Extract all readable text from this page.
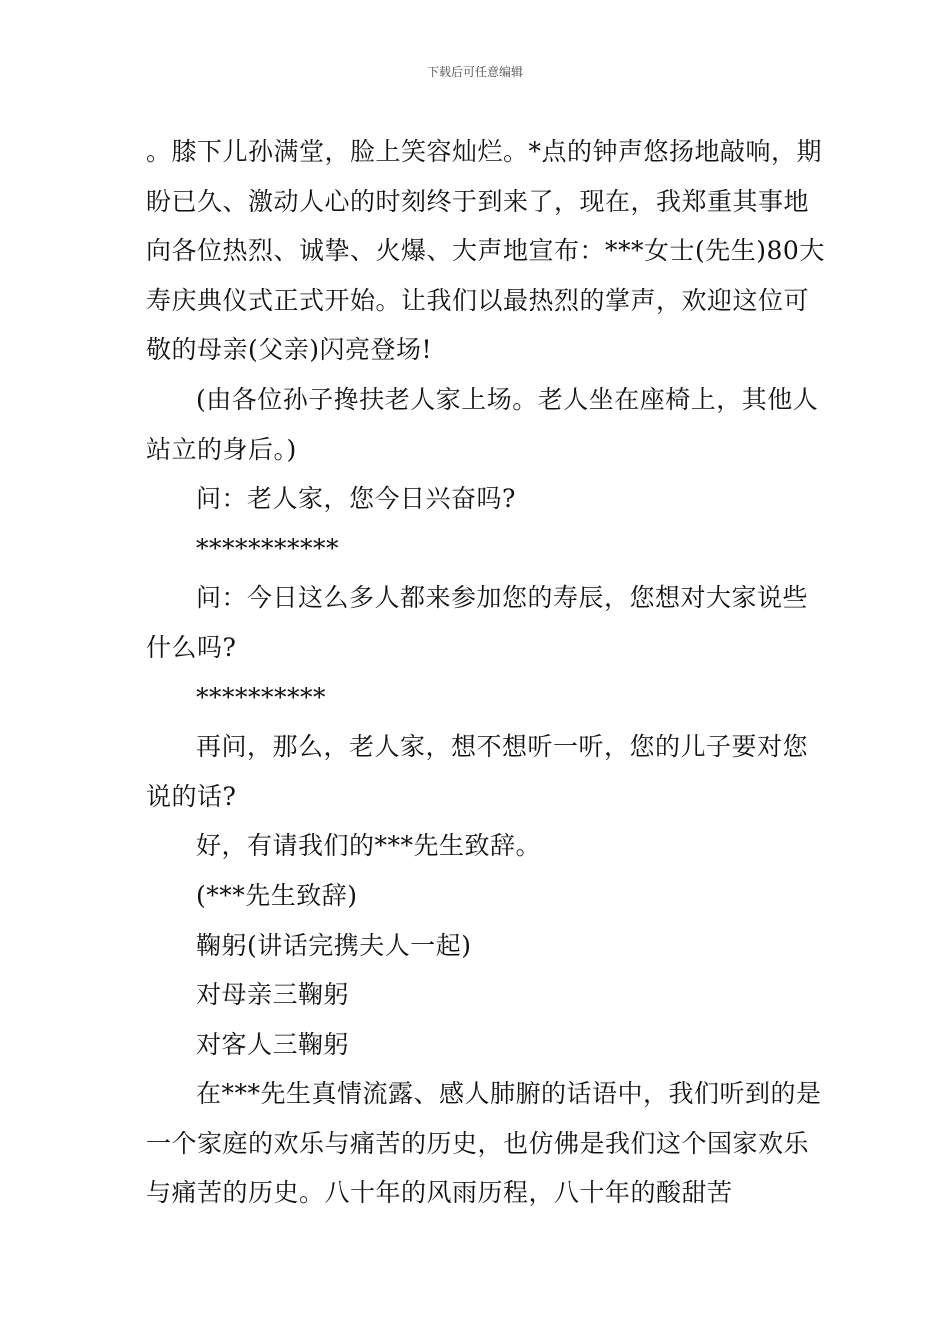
下载后可任意编辑

。膝下儿孙满堂，脸上笑容灿烂。*点的钟声悠扬地敲响，期盼已久、激动人心的时刻终于到来了，现在，我郑重其事地向各位热烈、诚挚、火爆、大声地宣布：***女士(先生)80大寿庆典仪式正式开始。让我们以最热烈的掌声，欢迎这位可敬的母亲(父亲)闪亮登场!

(由各位孙子搀扶老人家上场。老人坐在座椅上，其他人站立的身后。)

问：老人家，您今日兴奋吗?

***********

问：今日这么多人都来参加您的寿辰，您想对大家说些什么吗?

**********

再问，那么，老人家，想不想听一听，您的儿子要对您说的话?

好，有请我们的***先生致辞。

(***先生致辞)

鞠躬(讲话完携夫人一起)

对母亲三鞠躬

对客人三鞠躬

在***先生真情流露、感人肺腑的话语中，我们听到的是一个家庭的欢乐与痛苦的历史，也仿佛是我们这个国家欢乐与痛苦的历史。八十年的风雨历程，八十年的酸甜苦
